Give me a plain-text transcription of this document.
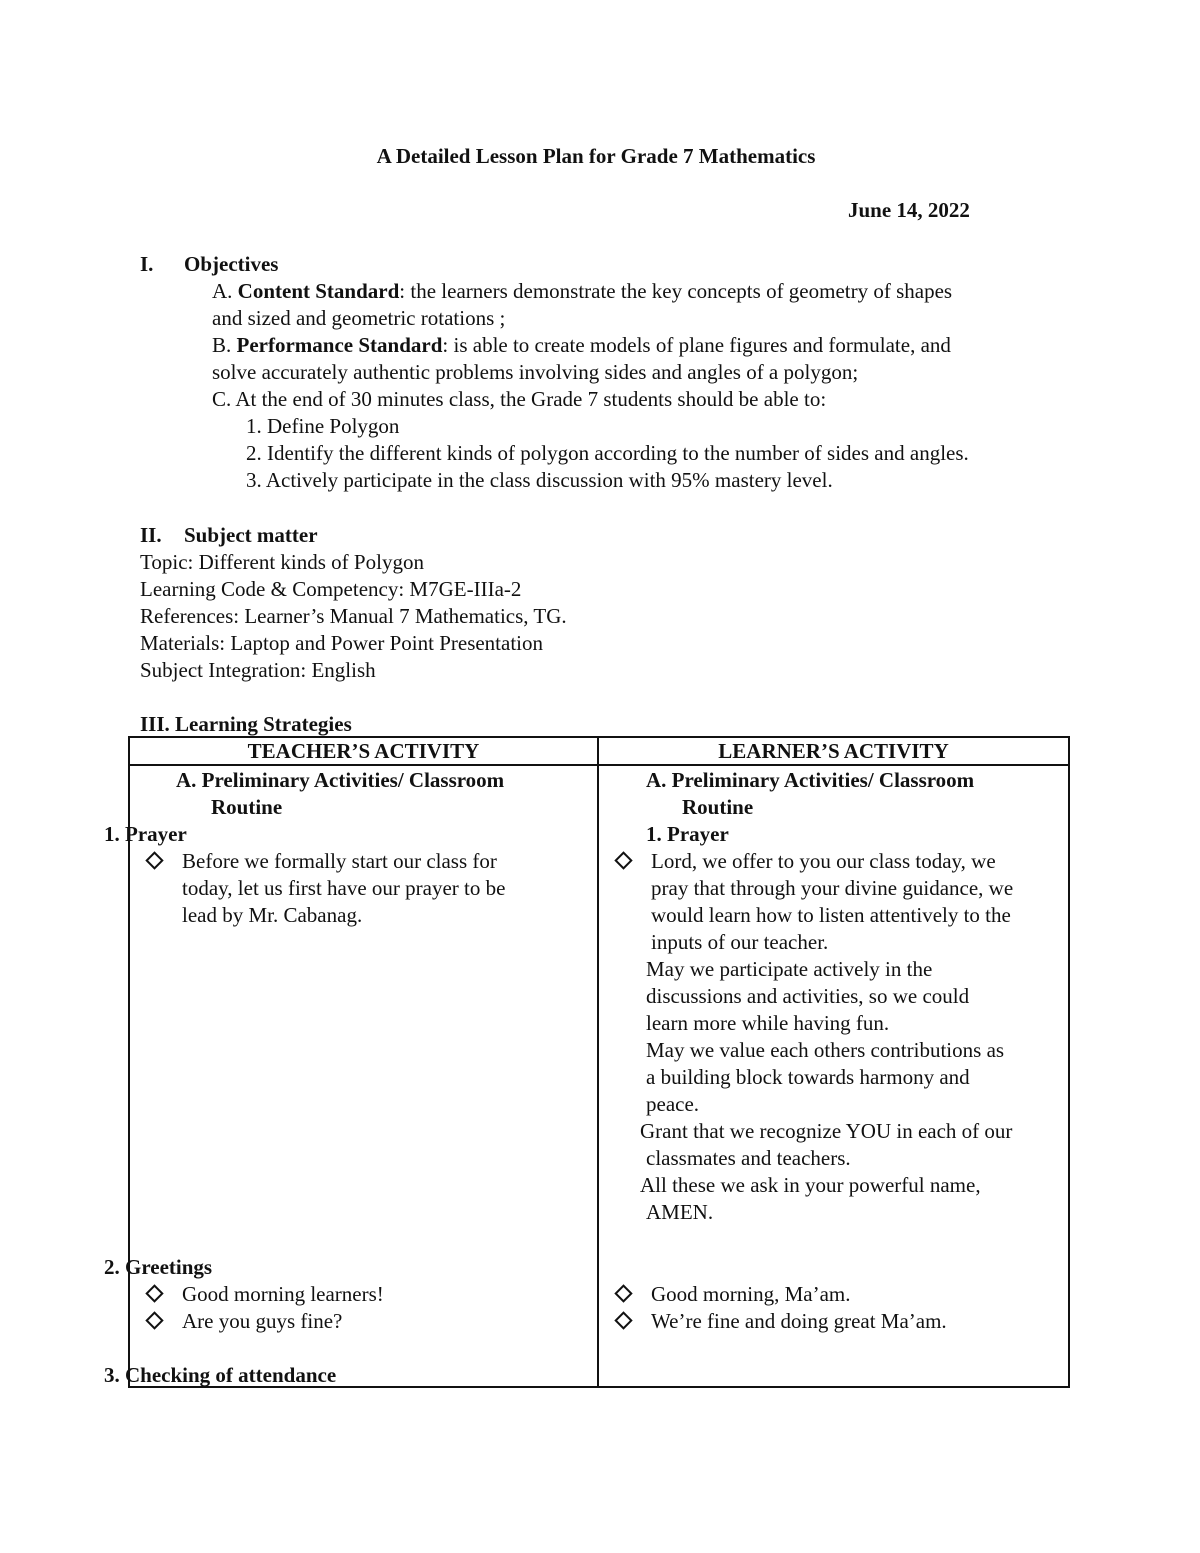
A Detailed Lesson Plan for Grade 7 Mathematics
June 14, 2022
I. Objectives
A. Content Standard: the learners demonstrate the key concepts of geometry of shapes
and sized and geometric rotations ;
B. Performance Standard: is able to create models of plane figures and formulate, and
solve accurately authentic problems involving sides and angles of a polygon;
C. At the end of 30 minutes class, the Grade 7 students should be able to:
1. Define Polygon
2. Identify the different kinds of polygon according to the number of sides and angles.
3. Actively participate in the class discussion with 95% mastery level.
II. Subject matter
Topic: Different kinds of Polygon
Learning Code & Competency: M7GE-IIIa-2
References: Learner’s Manual 7 Mathematics, TG.
Materials: Laptop and Power Point Presentation
Subject Integration: English
III. Learning Strategies
TEACHER’S ACTIVITY	LEARNER’S ACTIVITY
A. Preliminary Activities/ Classroom
Routine
1. Prayer
Before we formally start our class for
today, let us first have our prayer to be
lead by Mr. Cabanag.
2. Greetings
Good morning learners!
Are you guys fine?
3. Checking of attendance
A. Preliminary Activities/ Classroom
Routine
1. Prayer
Lord, we offer to you our class today, we
pray that through your divine guidance, we
would learn how to listen attentively to the
inputs of our teacher.
May we participate actively in the
discussions and activities, so we could
learn more while having fun.
May we value each others contributions as
a building block towards harmony and
peace.
Grant that we recognize YOU in each of our
classmates and teachers.
All these we ask in your powerful name,
AMEN.
Good morning, Ma’am.
We’re fine and doing great Ma’am.
